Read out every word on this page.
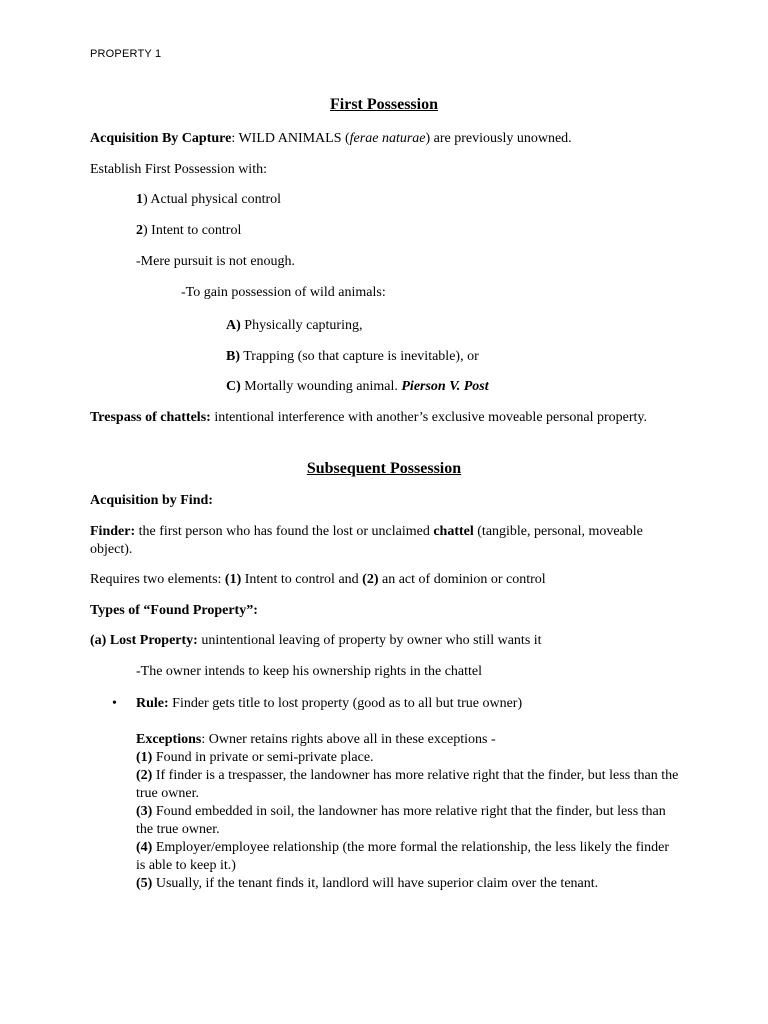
PROPERTY 1
First Possession
Acquisition By Capture: WILD ANIMALS (ferae naturae) are previously unowned.
Establish First Possession with:
1) Actual physical control
2) Intent to control
-Mere pursuit is not enough.
-To gain possession of wild animals:
A) Physically capturing,
B) Trapping (so that capture is inevitable), or
C) Mortally wounding animal. Pierson V. Post
Trespass of chattels: intentional interference with another’s exclusive moveable personal property.
Subsequent Possession
Acquisition by Find:
Finder: the first person who has found the lost or unclaimed chattel (tangible, personal, moveable object).
Requires two elements: (1) Intent to control and (2) an act of dominion or control
Types of “Found Property”:
(a) Lost Property: unintentional leaving of property by owner who still wants it
-The owner intends to keep his ownership rights in the chattel
• Rule: Finder gets title to lost property (good as to all but true owner)
Exceptions: Owner retains rights above all in these exceptions -
(1) Found in private or semi-private place.
(2) If finder is a trespasser, the landowner has more relative right that the finder, but less than the true owner.
(3) Found embedded in soil, the landowner has more relative right that the finder, but less than the true owner.
(4) Employer/employee relationship (the more formal the relationship, the less likely the finder is able to keep it.)
(5) Usually, if the tenant finds it, landlord will have superior claim over the tenant.
